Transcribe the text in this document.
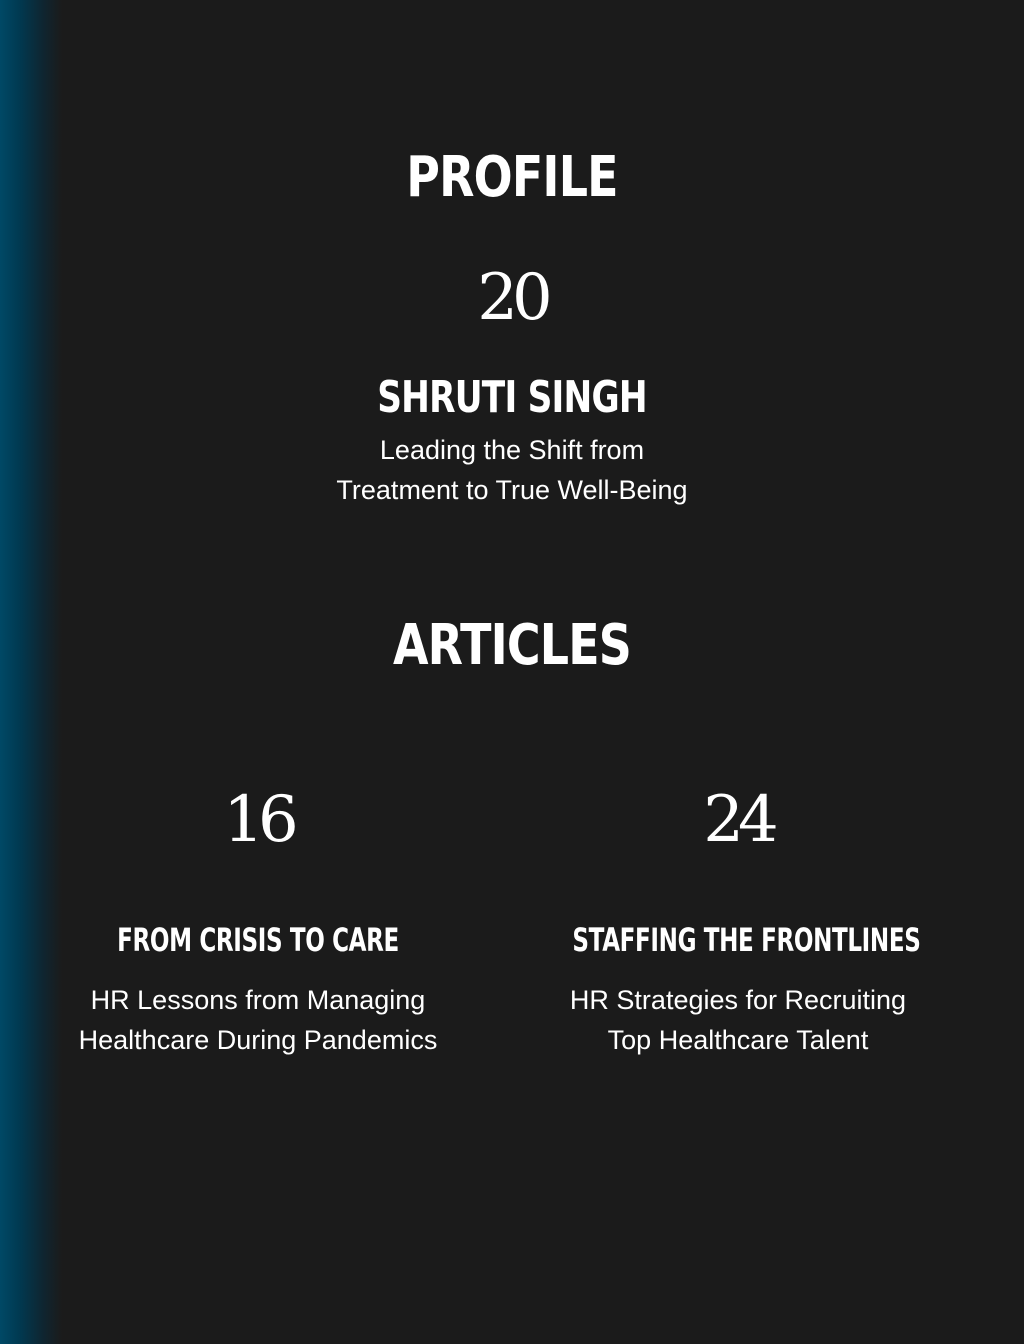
PROFILE
20
SHRUTI SINGH
Leading the Shift from
Treatment to True Well-Being
ARTICLES
16
FROM CRISIS TO CARE
HR Lessons from Managing
Healthcare During Pandemics
24
STAFFING THE FRONTLINES
HR Strategies for Recruiting
Top Healthcare Talent
